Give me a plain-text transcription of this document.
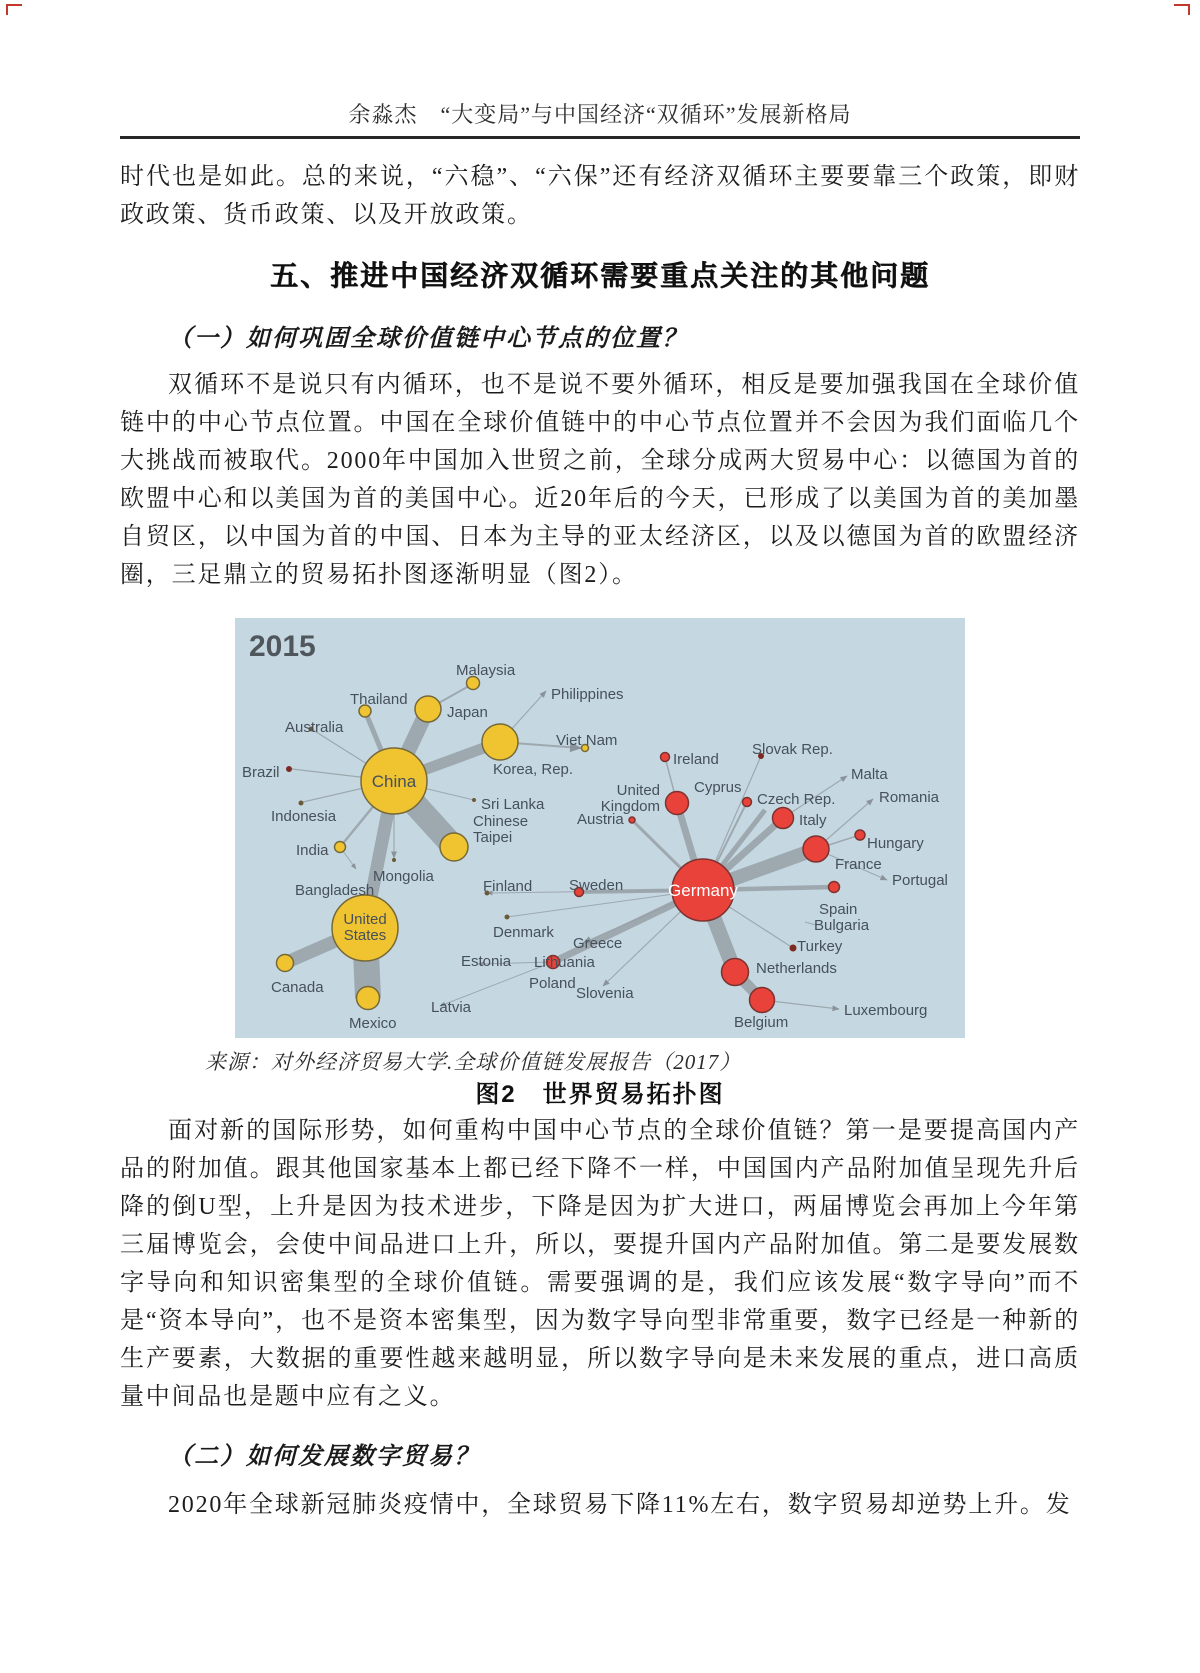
余淼杰　“大变局”与中国经济“双循环”发展新格局
时代也是如此。总的来说，“六稳”、“六保”还有经济双循环主要要靠三个政策，即财政政策、货币政策、以及开放政策。
五、推进中国经济双循环需要重点关注的其他问题
（一）如何巩固全球价值链中心节点的位置？
双循环不是说只有内循环，也不是说不要外循环，相反是要加强我国在全球价值链中的中心节点位置。中国在全球价值链中的中心节点位置并不会因为我们面临几个大挑战而被取代。2000年中国加入世贸之前，全球分成两大贸易中心：以德国为首的欧盟中心和以美国为首的美国中心。近20年后的今天，已形成了以美国为首的美加墨自贸区，以中国为首的中国、日本为主导的亚太经济区，以及以德国为首的欧盟经济圈，三足鼎立的贸易拓扑图逐渐明显（图2）。
2015
Malaysia
Thailand
Japan
Australia
Brazil	China
Korea, Rep.
Sri Lanka
Chinese
Taipei
Indonesia
India
Mongolia
Bangladesh
United
States
Canada
Mexico
Viet Nam
Philippines
Ireland
United
Kingdom
Austria
Sweden
Finland
Denmark
Greece
Estonia Lithuania
Latvia
Poland
Slovenia
Germany
Cyprus
Slovak Rep.
Czech Rep.
Italy
Malta
Romania
Hungary
France
Portugal
Spain
Bulgaria
Turkey
Netherlands
Luxembourg
Belgium
来源：对外经济贸易大学.全球价值链发展报告（2017）
图2　世界贸易拓扑图
面对新的国际形势，如何重构中国中心节点的全球价值链？第一是要提高国内产品的附加值。跟其他国家基本上都已经下降不一样，中国国内产品附加值呈现先升后降的倒U型，上升是因为技术进步，下降是因为扩大进口，两届博览会再加上今年第三届博览会，会使中间品进口上升，所以，要提升国内产品附加值。第二是要发展数字导向和知识密集型的全球价值链。需要强调的是，我们应该发展“数字导向”而不是“资本导向”，也不是资本密集型，因为数字导向型非常重要，数字已经是一种新的生产要素，大数据的重要性越来越明显，所以数字导向是未来发展的重点，进口高质量中间品也是题中应有之义。
（二）如何发展数字贸易？
2020年全球新冠肺炎疫情中，全球贸易下降11%左右，数字贸易却逆势上升。发
